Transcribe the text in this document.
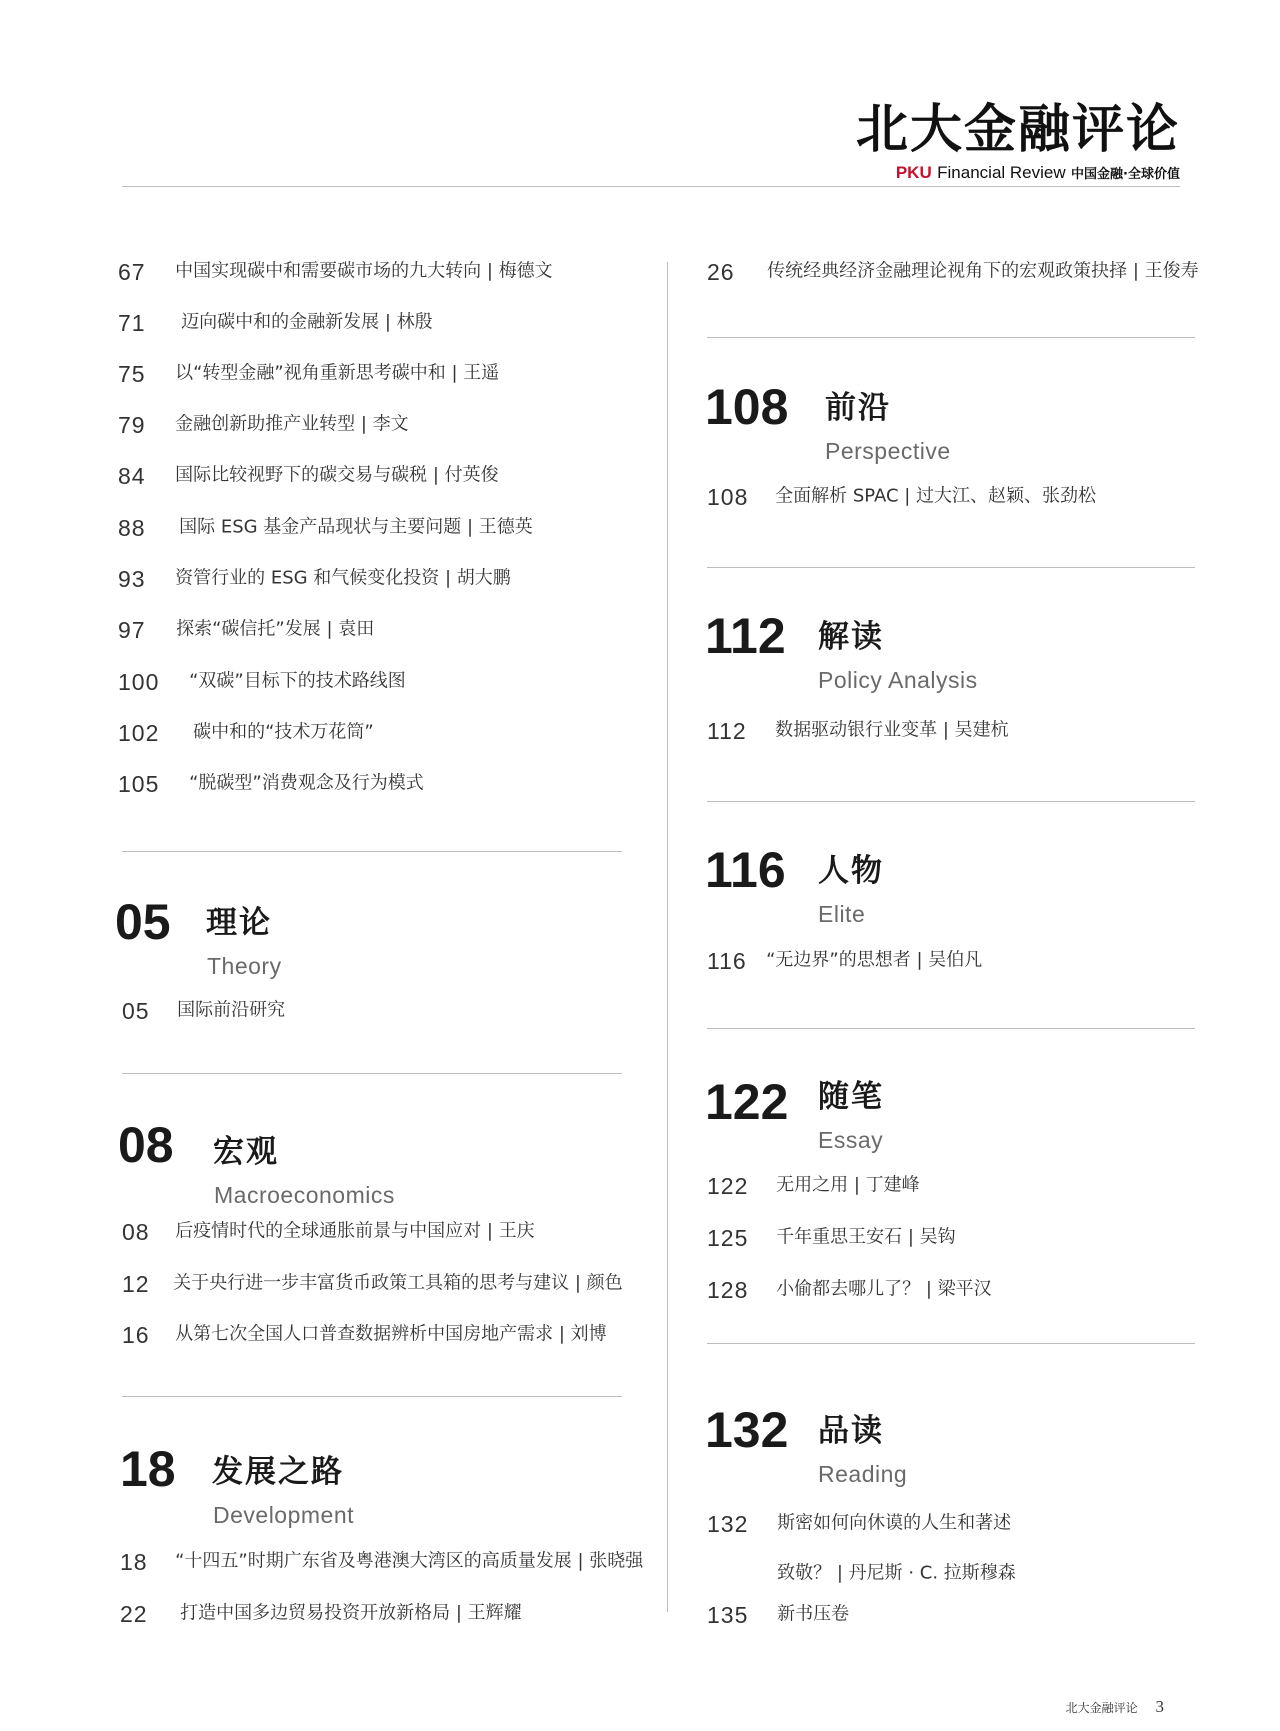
北大金融评论
PKU Financial Review 中国金融·全球价值
67 中国实现碳中和需要碳市场的九大转向 | 梅德文
71 迈向碳中和的金融新发展 | 林殷
75 以“转型金融”视角重新思考碳中和 | 王遥
79 金融创新助推产业转型 | 李文
84 国际比较视野下的碳交易与碳税 | 付英俊
88 国际 ESG 基金产品现状与主要问题 | 王德英
93 资管行业的 ESG 和气候变化投资 | 胡大鹏
97 探索“碳信托”发展 | 袁田
100 “双碳”目标下的技术路线图
102 碳中和的“技术万花筒”
105 “脱碳型”消费观念及行为模式
05 理论
Theory
05 国际前沿研究
08 宏观
Macroeconomics
08 后疫情时代的全球通胀前景与中国应对 | 王庆
12 关于央行进一步丰富货币政策工具箱的思考与建议 | 颜色
16 从第七次全国人口普查数据辨析中国房地产需求 | 刘博
18 发展之路
Development
18 “十四五”时期广东省及粤港澳大湾区的高质量发展 | 张晓强
22 打造中国多边贸易投资开放新格局 | 王辉耀
26 传统经典经济金融理论视角下的宏观政策抉择 | 王俊寿
108 前沿
Perspective
108 全面解析 SPAC | 过大江、赵颖、张劲松
112 解读
Policy Analysis
112 数据驱动银行业变革 | 吴建杭
116 人物
Elite
116 “无边界”的思想者 | 吴伯凡
122 随笔
Essay
122 无用之用 | 丁建峰
125 千年重思王安石 | 吴钩
128 小偷都去哪儿了？ | 梁平汉
132 品读
Reading
132 斯密如何向休谟的人生和著述
致敬？ | 丹尼斯 · C. 拉斯穆森
135 新书压卷
北大金融评论 3
